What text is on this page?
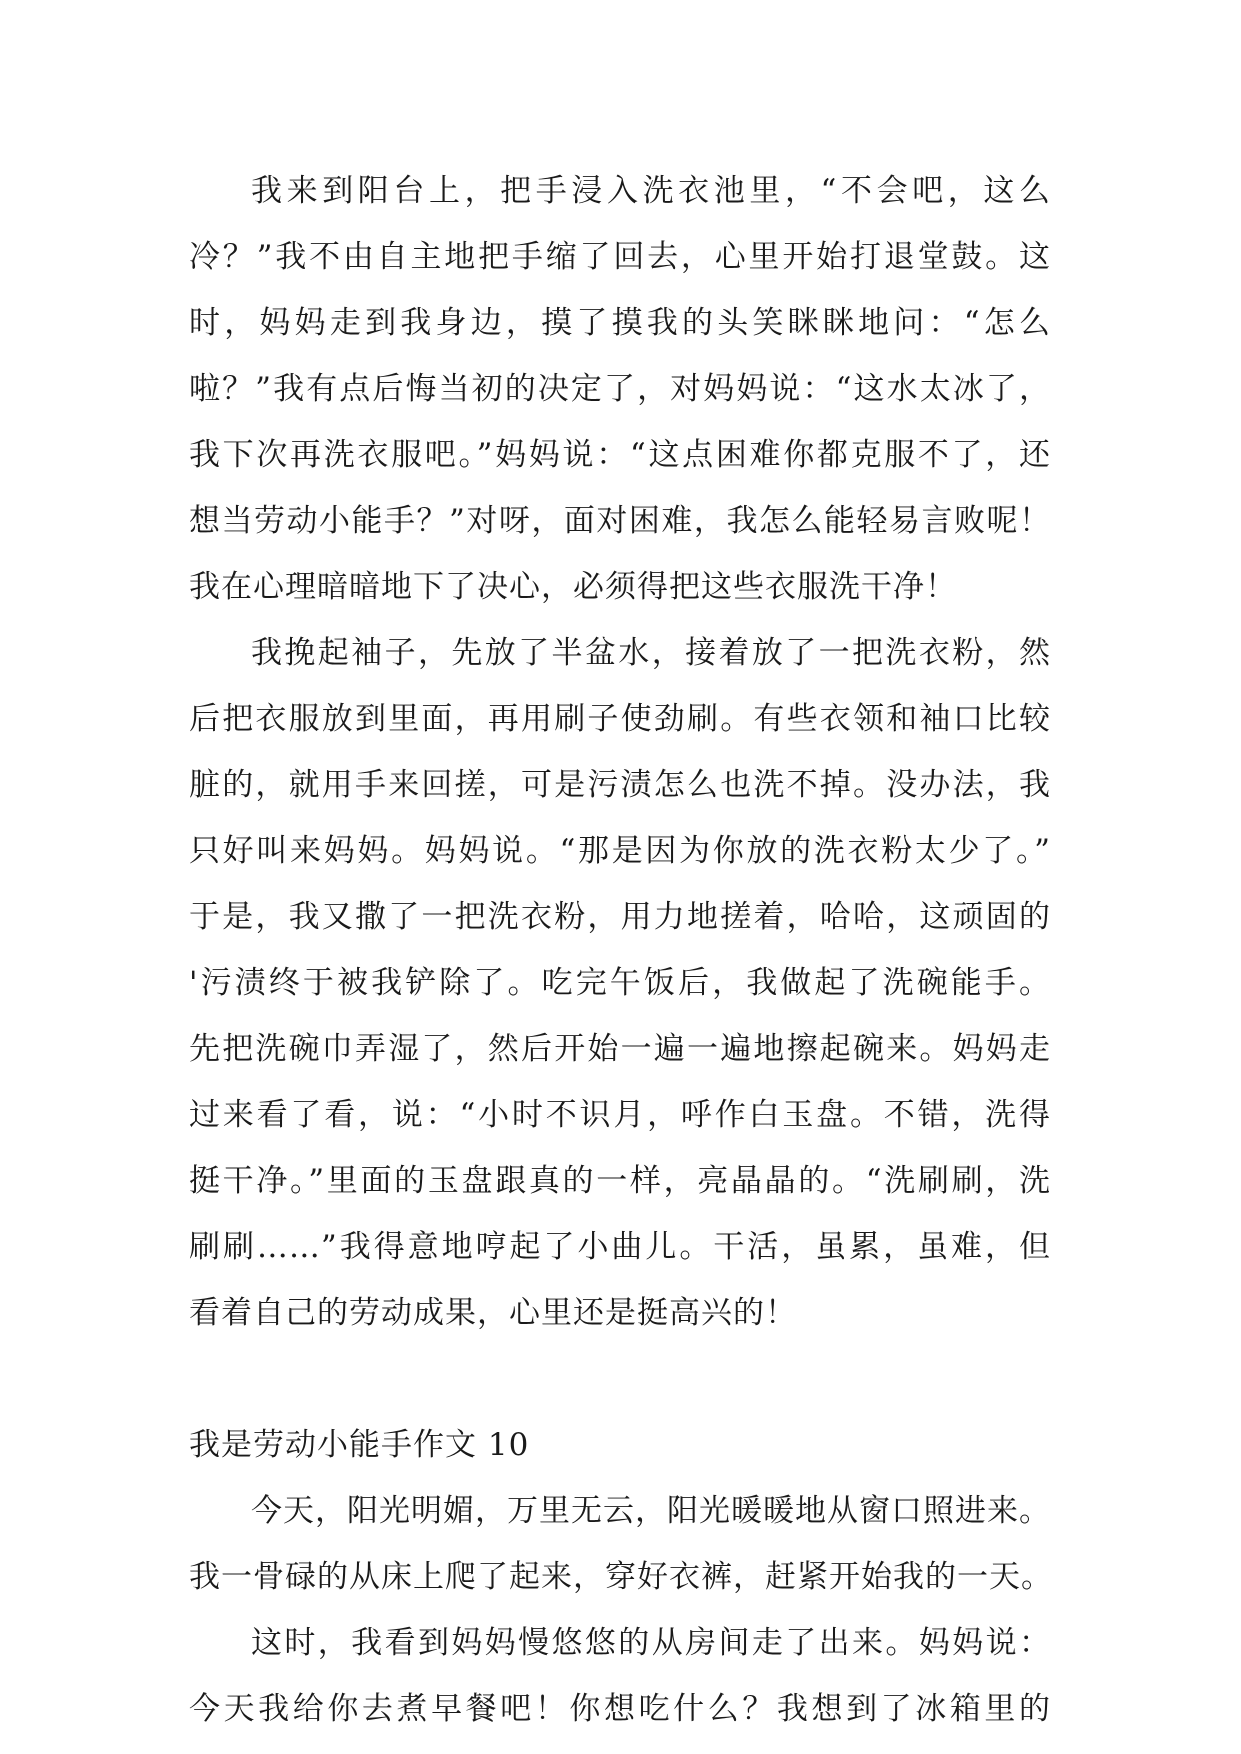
我来到阳台上，把手浸入洗衣池里，“不会吧，这么
冷？”我不由自主地把手缩了回去，心里开始打退堂鼓。这
时，妈妈走到我身边，摸了摸我的头笑眯眯地问：“怎么
啦？”我有点后悔当初的决定了，对妈妈说：“这水太冰了，
我下次再洗衣服吧。”妈妈说：“这点困难你都克服不了，还
想当劳动小能手？”对呀，面对困难，我怎么能轻易言败呢！
我在心理暗暗地下了决心，必须得把这些衣服洗干净！
我挽起袖子，先放了半盆水，接着放了一把洗衣粉，然
后把衣服放到里面，再用刷子使劲刷。有些衣领和袖口比较
脏的，就用手来回搓，可是污渍怎么也洗不掉。没办法，我
只好叫来妈妈。妈妈说。“那是因为你放的洗衣粉太少了。”
于是，我又撒了一把洗衣粉，用力地搓着，哈哈，这顽固的
'污渍终于被我铲除了。吃完午饭后，我做起了洗碗能手。
先把洗碗巾弄湿了，然后开始一遍一遍地擦起碗来。妈妈走
过来看了看，说：“小时不识月，呼作白玉盘。不错，洗得
挺干净。”里面的玉盘跟真的一样，亮晶晶的。“洗刷刷，洗
刷刷……”我得意地哼起了小曲儿。干活，虽累，虽难，但
看着自己的劳动成果，心里还是挺高兴的！
我是劳动小能手作文 10
今天，阳光明媚，万里无云，阳光暖暖地从窗口照进来。
我一骨碌的从床上爬了起来，穿好衣裤，赶紧开始我的一天。
这时，我看到妈妈慢悠悠的从房间走了出来。妈妈说：
今天我给你去煮早餐吧！你想吃什么？我想到了冰箱里的
